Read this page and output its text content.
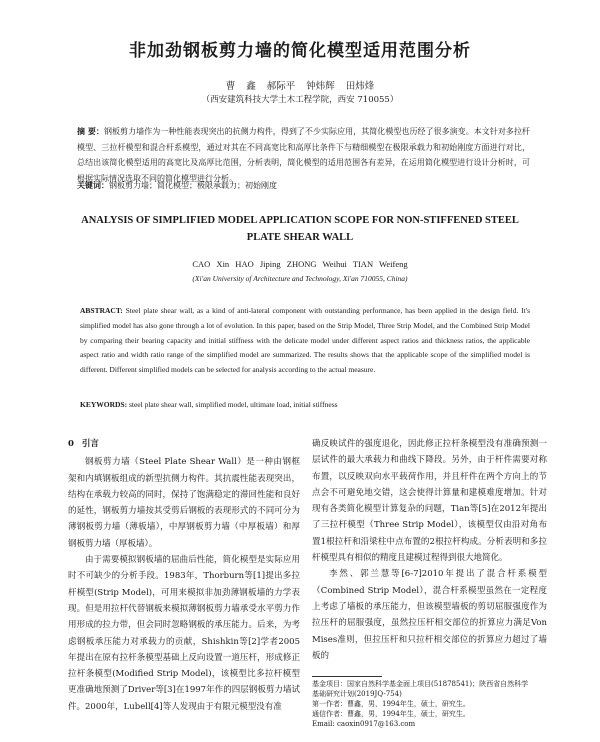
非加劲钢板剪力墙的简化模型适用范围分析
曹 鑫 郝际平 钟炜辉 田炜烽
（西安建筑科技大学土木工程学院，西安 710055）
摘 要：钢板剪力墙作为一种性能表现突出的抗侧力构件，得到了不少实际应用，其简化模型也历经了很多演变。本文针对多拉杆模型、三拉杆模型和混合杆系模型，通过对其在不同高宽比和高厚比条件下与精细模型在极限承载力和初始刚度方面进行对比，总结出该简化模型适用的高宽比及高厚比范围，分析表明，简化模型的适用范围各有差异，在运用简化模型进行设计分析时，可根据实际情况选取不同的简化模型进行分析。
关键词：钢板剪力墙；简化模型；极限承载力；初始刚度
ANALYSIS OF SIMPLIFIED MODEL APPLICATION SCOPE FOR NON-STIFFENED STEEL PLATE SHEAR WALL
CAO Xin HAO Jiping ZHONG Weihui TIAN Weifeng
(Xi'an University of Architecture and Technology, Xi'an 710055, China)
ABSTRACT: Steel plate shear wall, as a kind of anti-lateral component with outstanding performance, has been applied in the design field. It's simplified model has also gone through a lot of evolution. In this paper, based on the Strip Model, Three Strip Model, and the Combined Strip Model by comparing their bearing capacity and initial stiffness with the delicate model under different aspect ratios and thickness ratios, the applicable aspect ratio and width ratio range of the simplified model are summarized. The results shows that the applicable scope of the simplified model is different. Different simplified models can be selected for analysis according to the actual measure.
KEYWORDS: steel plate shear wall, simplified model, ultimate load, initial stiffness
0 引言

钢板剪力墙（Steel Plate Shear Wall）是一种由钢框架和内填钢板组成的新型抗侧力构件。其抗震性能表现突出，结构在承载力较高的同时，保持了饱满稳定的滞回性能和良好的延性，钢板剪力墙按其受剪后钢板的表现形式的不同可分为薄钢板剪力墙（薄板墙），中厚钢板剪力墙（中厚板墙）和厚钢板剪力墙（厚板墙）。

由于需要模拟钢板墙的屈曲后性能，简化模型是实际应用时不可缺少的分析手段。1983年，Thorburn等[1]提出多拉杆模型(Strip Model)，可用来模拟非加劲薄钢板墙的力学表现。但是用拉杆代替钢板来模拟薄钢板剪力墙承受水平剪力作用形成的拉力带，但会同时忽略钢板的承压能力。后来，为考虑钢板承压能力对承载力的贡献，Shishkin等[2]学者2005年提出在原有拉杆条模型基础上反向设置一道压杆，形成修正拉杆条模型(Modified Strip Model)，该模型比多拉杆模型更准确地预测了Driver等[3]在1997年作的四层钢板剪力墙试件。2000年，Lubell[4]等人发现由于有限元模型没有准

确反映试件的强度退化，因此修正拉杆条模型没有准确预测一层试件的最大承载力和曲线下降段。另外，由于杆件需要对称布置，以反映双向水平载荷作用，并且杆件在两个方向上的节点会不可避免地交错，这会使得计算量和建模难度增加。针对现有各类简化模型计算复杂的问题，Tian等[5]在2012年提出了三拉杆模型（Three Strip Model），该模型仅由沿对角布置1根拉杆和沿梁柱中点布置的2根拉杆构成。分析表明和多拉杆模型具有相似的精度且建模过程得到很大地简化。

李然、郭兰慧等[6-7]2010年提出了混合杆系模型（Combined Strip Model），混合杆系模型虽然在一定程度上考虑了墙板的承压能力，但该模型墙板的剪切屈服强度作为拉压杆的屈服强度，虽然拉压杆相交部位的折算应力满足Von Mises准则，但拉压杆和只拉杆相交部位的折算应力超过了墙板的

基金项目：国家自然科学基金面上项目(51878541)；陕西省自然科学
基础研究计划(2019JQ-754)
第一作者：曹鑫，男，1994年生，硕士，研究生。
通信作者：曹鑫，男，1994年生，硕士，研究生。
Email: caoxin0917@163.com
